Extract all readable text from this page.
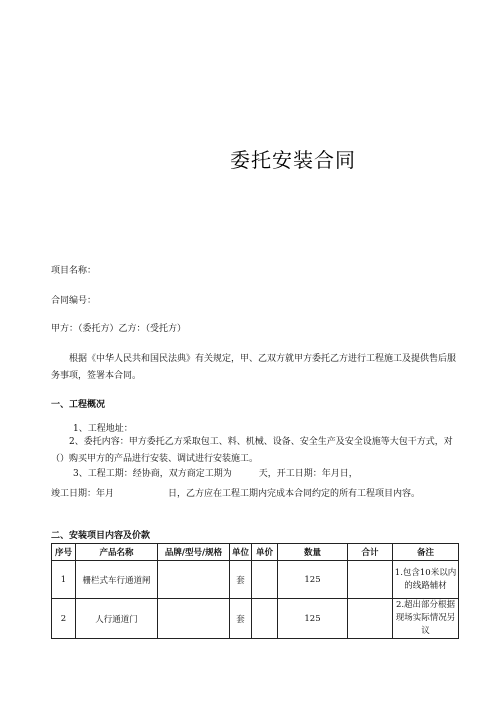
委托安装合同
项目名称：
合同编号：
甲方：（委托方）乙方：（受托方）
根据《中华人民共和国民法典》有关规定，甲、乙双方就甲方委托乙方进行工程施工及提供售后服务事项，签署本合同。
一、工程概况
1、工程地址：
2、委托内容：甲方委托乙方采取包工、料、机械、设备、安全生产及安全设施等大包干方式，对（）购买甲方的产品进行安装、调试进行安装施工。
3、工程工期：经协商，双方商定工期为　　　天，开工日期：年月日，
竣工日期：年月　　　　　　日，乙方应在工程工期内完成本合同约定的所有工程项目内容。
二、安装项目内容及价款
序号	产品名称	品牌/型号/规格	单位	单价	数量	合计	备注
1	栅栏式车行通道闸		套		125		1.包含10米以内的线路辅材
2	人行通道门		套		125		2.超出部分根据现场实际情况另议
